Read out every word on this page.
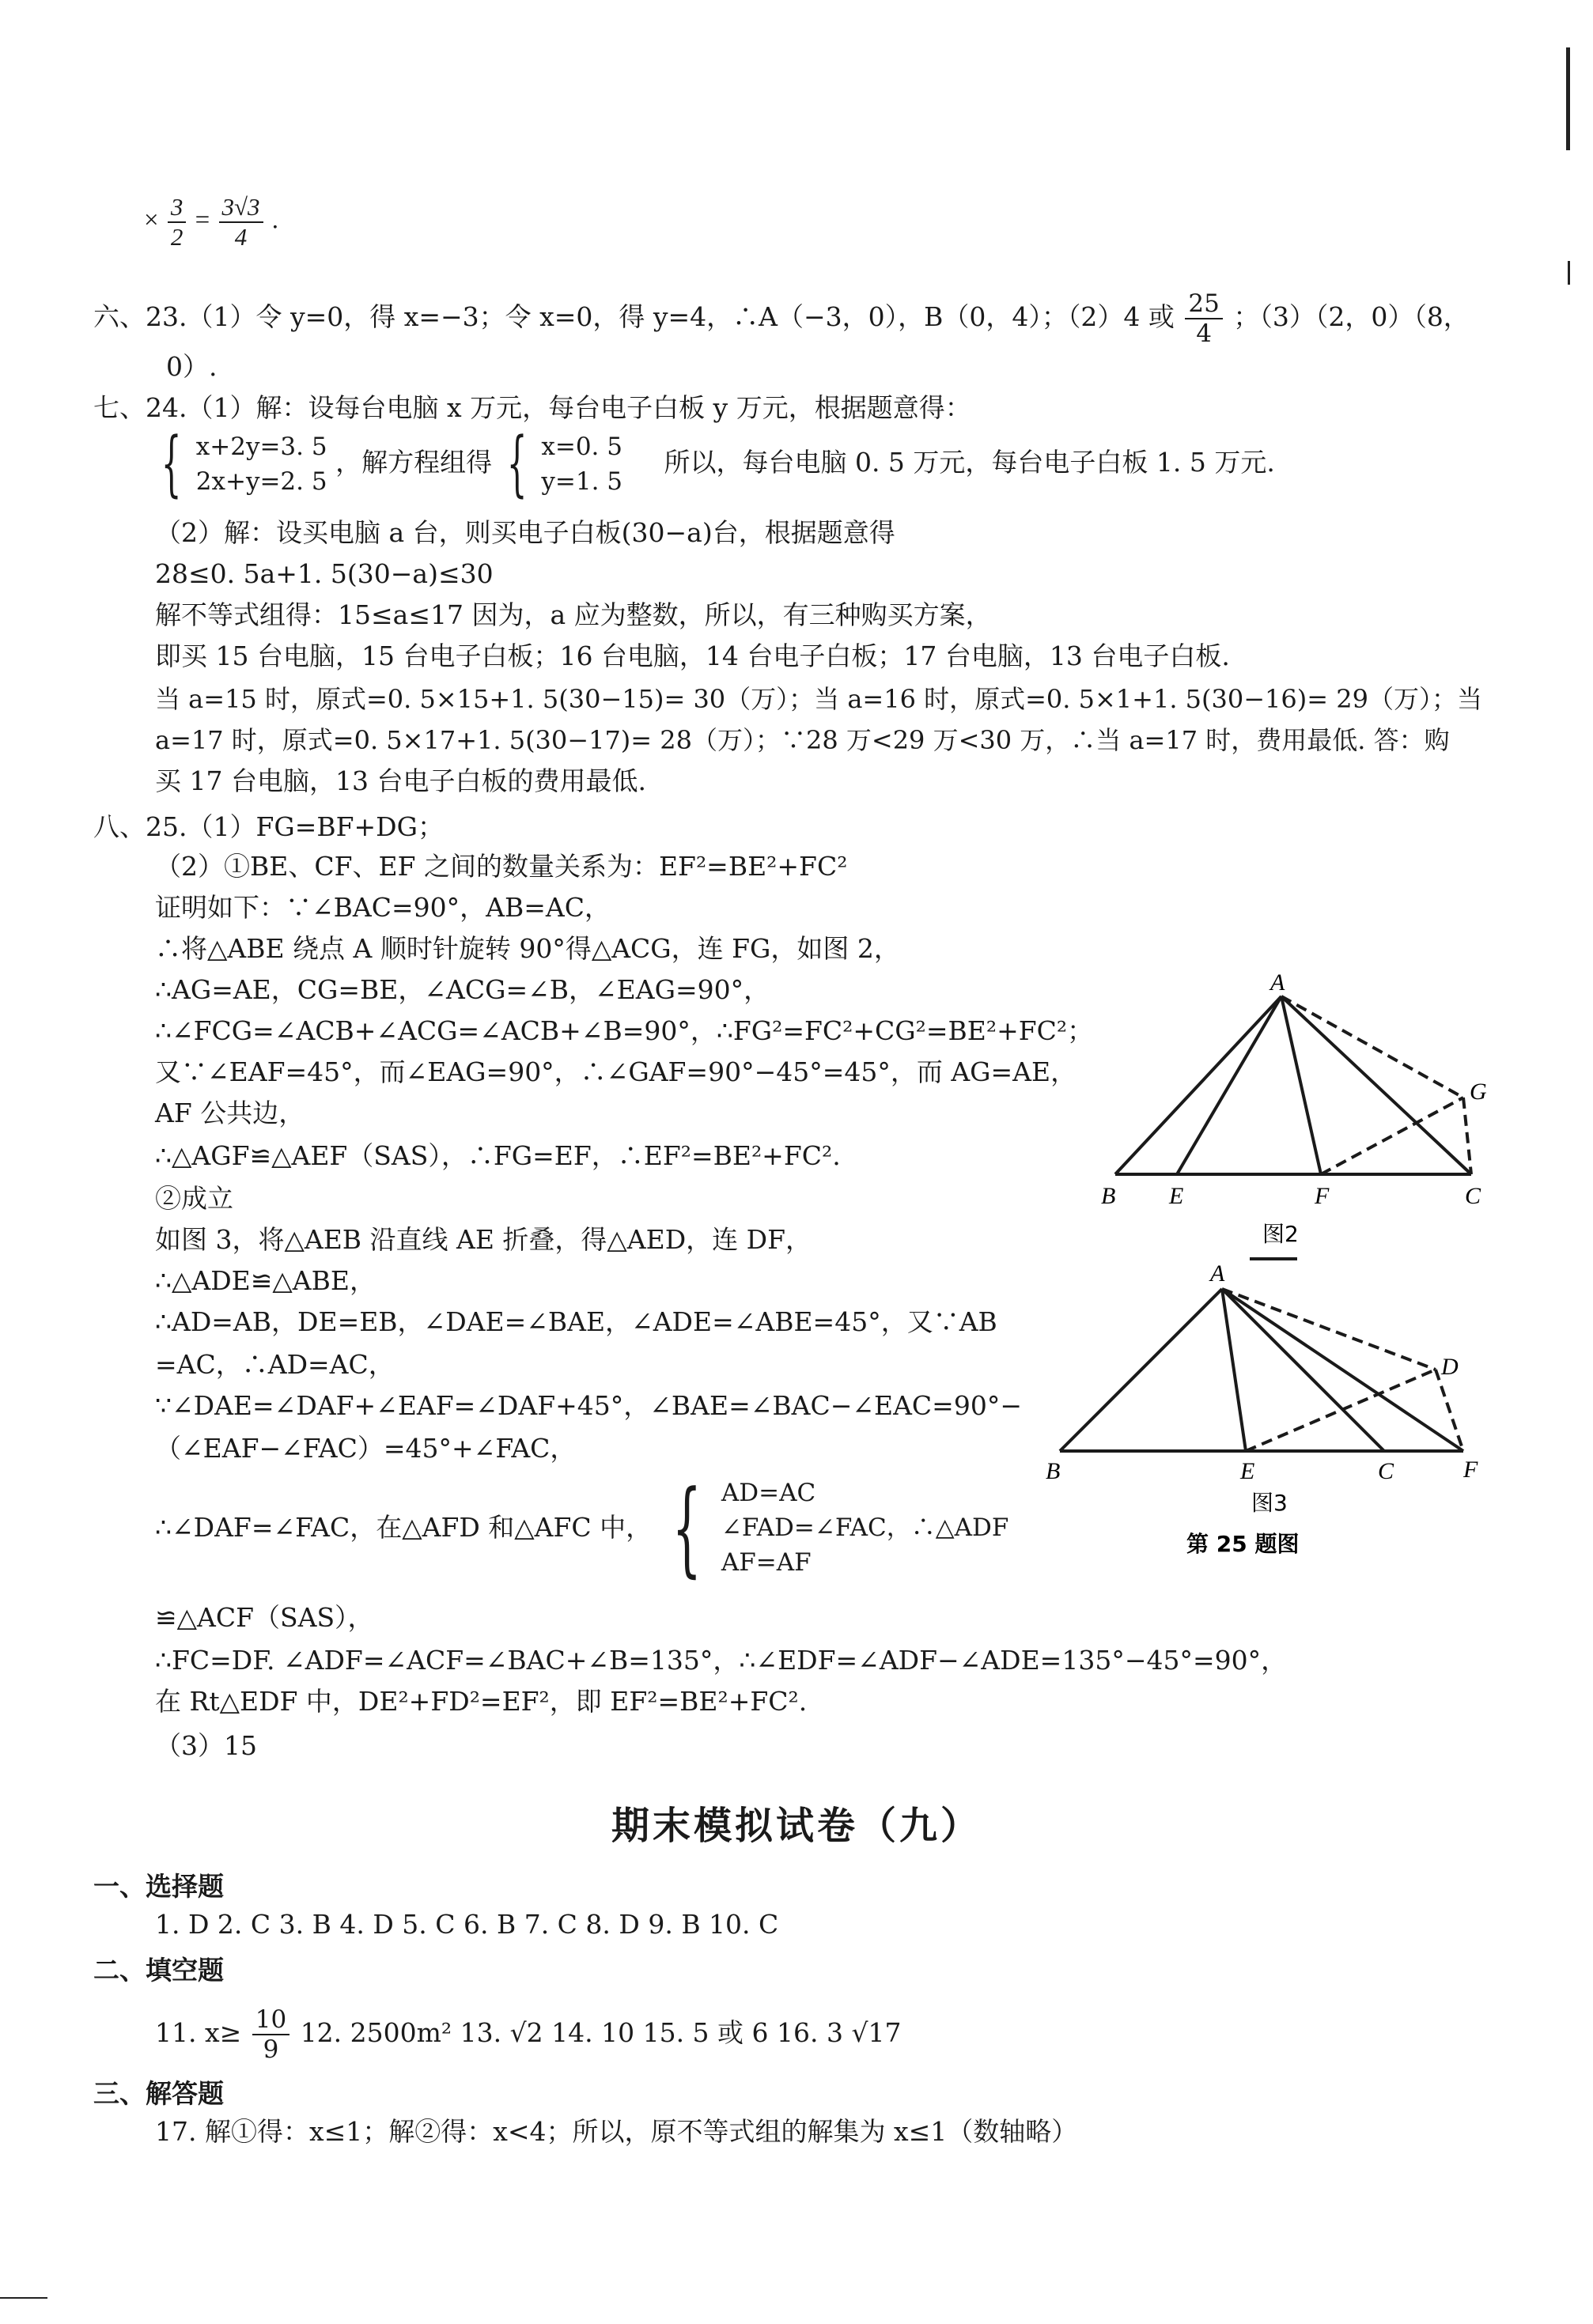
× $\frac{3}{2} = \frac{3√3}{4}$ .
六、23.（1）令 y=0，得 x=−3；令 x=0，得 y=4，∴A（−3，0），B（0，4）；（2）4 或 $\frac{25}{4}$ ；（3）（2，0）（8，
0）.
七、24.（1）解：设每台电脑 x 万元，每台电子白板 y 万元，根据题意得：
{ x+2y=3. 5
2x+y=2. 5
，解方程组得 { x=0. 5
y=1. 5
所以，每台电脑 0. 5 万元，每台电子白板 1. 5 万元.
（2）解：设买电脑 a 台，则买电子白板(30−a)台，根据题意得
28≤0. 5a+1. 5(30−a)≤30
解不等式组得：15≤a≤17 因为，a 应为整数，所以，有三种购买方案，
即买 15 台电脑，15 台电子白板；16 台电脑，14 台电子白板；17 台电脑，13 台电子白板.
当 a=15 时，原式=0. 5×15+1. 5(30−15)= 30（万）；当 a=16 时，原式=0. 5×1+1. 5(30−16)= 29（万）；当
a=17 时，原式=0. 5×17+1. 5(30−17)= 28（万）；∵28 万<29 万<30 万，∴当 a=17 时，费用最低. 答：购
买 17 台电脑，13 台电子白板的费用最低.
八、25.（1）FG=BF+DG；
（2）①BE、CF、EF 之间的数量关系为：EF²=BE²+FC²
证明如下：∵∠BAC=90°，AB=AC，
∴将△ABE 绕点 A 顺时针旋转 90°得△ACG，连 FG，如图 2，
∴AG=AE，CG=BE，∠ACG=∠B，∠EAG=90°，
∴∠FCG=∠ACB+∠ACG=∠ACB+∠B=90°，∴FG²=FC²+CG²=BE²+FC²；
又∵∠EAF=45°，而∠EAG=90°，∴∠GAF=90°−45°=45°，而 AG=AE，
AF 公共边，
∴△AGF≌△AEF（SAS），∴FG=EF，∴EF²=BE²+FC².
②成立
如图 3，将△AEB 沿直线 AE 折叠，得△AED，连 DF，
∴△ADE≌△ABE，
∴AD=AB，DE=EB，∠DAE=∠BAE，∠ADE=∠ABE=45°，又∵AB
=AC，∴AD=AC，
∵∠DAE=∠DAF+∠EAF=∠DAF+45°，∠BAE=∠BAC−∠EAC=90°−
（∠EAF−∠FAC）=45°+∠FAC，
∴∠DAF=∠FAC，在△AFD 和△AFC 中， { AD=AC
∠FAD=∠FAC，∴△ADF
AF=AF
≌△ACF（SAS），
∴FC=DF. ∠ADF=∠ACF=∠BAC+∠B=135°，∴∠EDF=∠ADF−∠ADE=135°−45°=90°，
在 Rt△EDF 中，DE²+FD²=EF²，即 EF²=BE²+FC².
（3）15
A
B E	F	C
G
图2
A
B	E	C	F
D
图3
第 25 题图
期末模拟试卷（九）
一、选择题
1. D 2. C 3. B 4. D 5. C 6. B 7. C 8. D 9. B 10. C
二、填空题
11. $x\ge \frac{10}{9} 12$. 2500m² 13. √2 14. 10 15. 5 或 6 16. 3 √17
三、解答题
17. 解①得：x≤1；解②得：x<4；所以，原不等式组的解集为 x≤1（数轴略）
